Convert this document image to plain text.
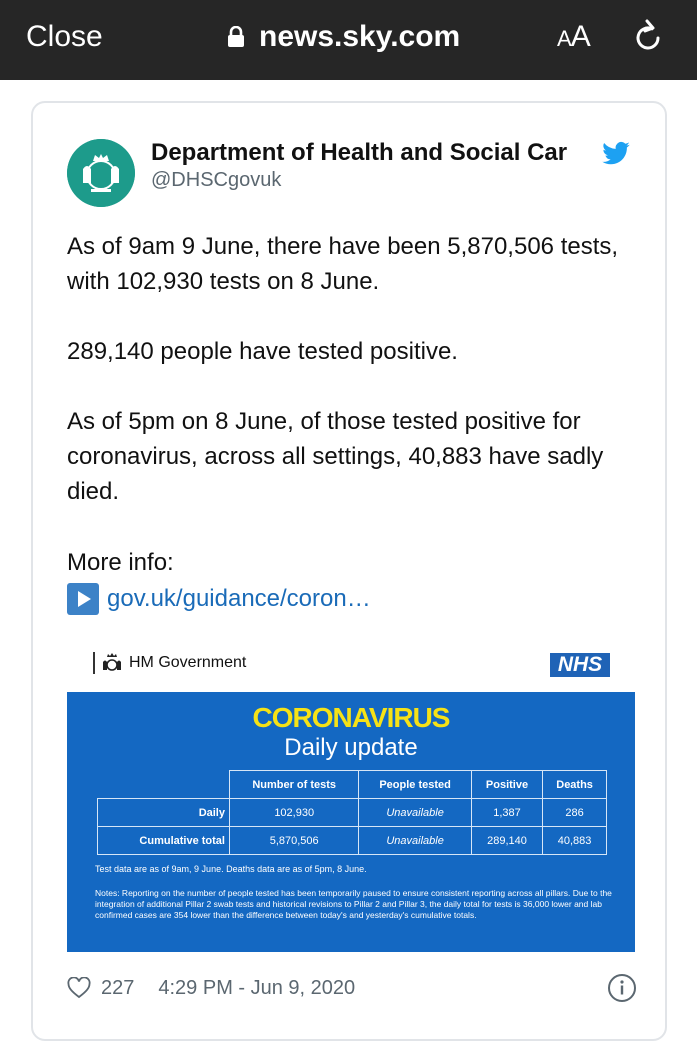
Close	news.sky.com	AA
Department of Health and Social Car
@DHSCgovuk

As of 9am 9 June, there have been 5,870,506 tests, with 102,930 tests on 8 June.

289,140 people have tested positive.

As of 5pm on 8 June, of those tested positive for coronavirus, across all settings, 40,883 have sadly died.

More info:
gov.uk/guidance/coron…
HM Government	NHS
CORONAVIRUS
Daily update
	Number of tests	People tested	Positive	Deaths
Daily	102,930	Unavailable	1,387	286
Cumulative total	5,870,506	Unavailable	289,140	40,883
Test data are as of 9am, 9 June. Deaths data are as of 5pm, 8 June.
Notes: Reporting on the number of people tested has been temporarily paused to ensure consistent reporting across all pillars. Due to the integration of additional Pillar 2 swab tests and historical revisions to Pillar 2 and Pillar 3, the daily total for tests is 36,000 lower and lab confirmed cases are 354 lower than the difference between today's and yesterday's cumulative totals.
227 4:29 PM - Jun 9, 2020
